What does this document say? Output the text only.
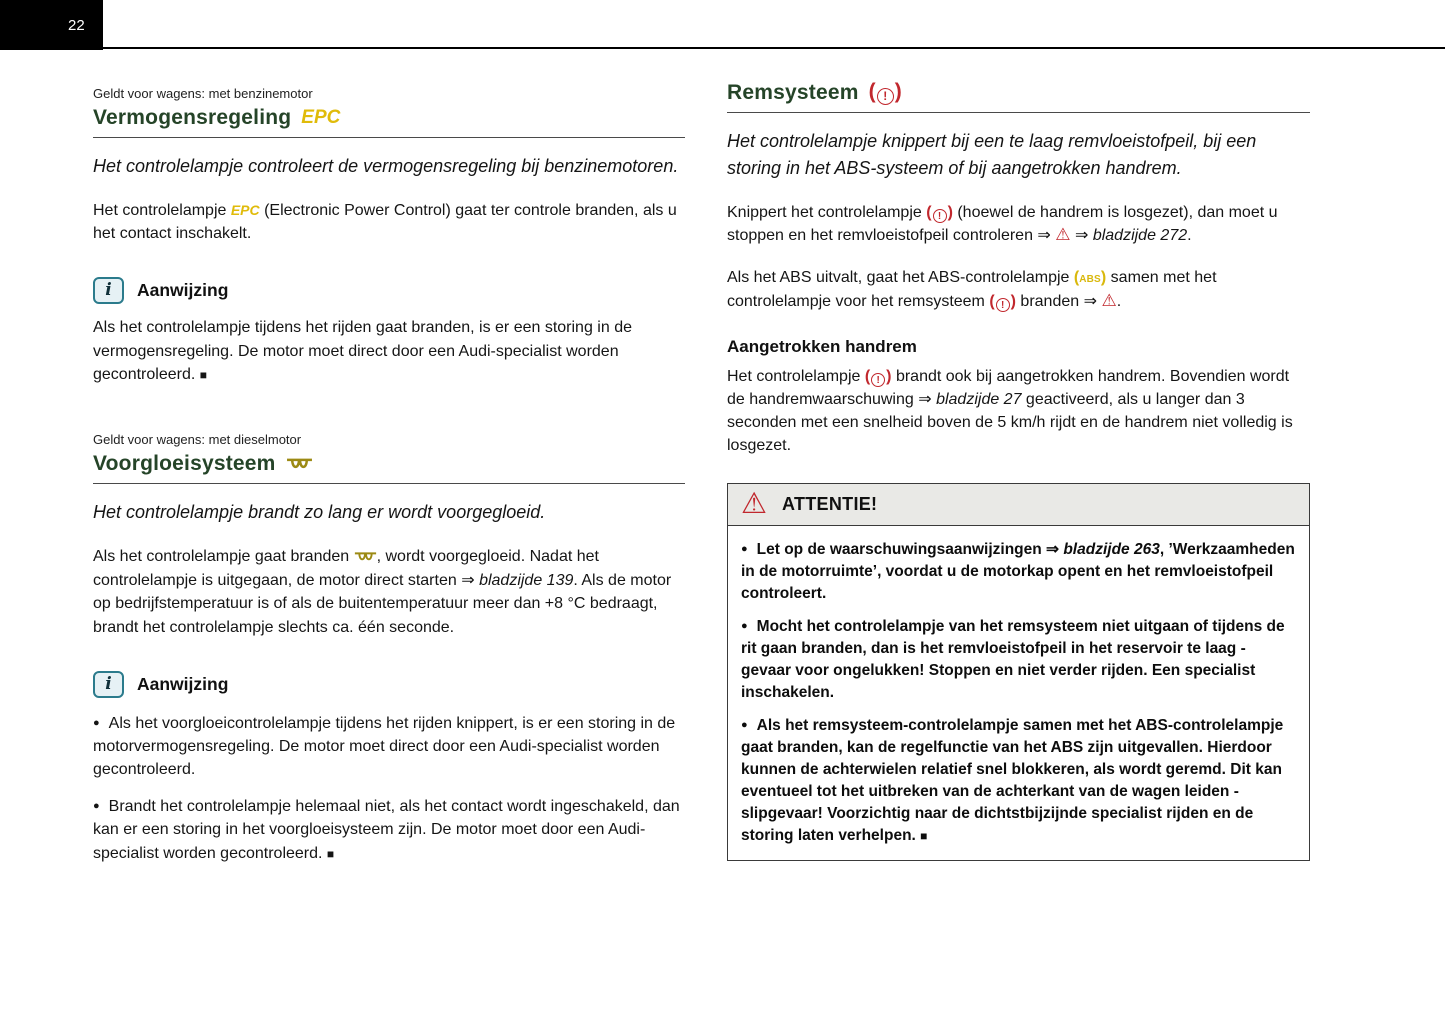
22
Geldt voor wagens: met benzinemotor
Vermogensregeling EPC

Het controlelampje controleert de vermogensregeling bij benzinemotoren.

Het controlelampje EPC (Electronic Power Control) gaat ter controle branden, als u het contact inschakelt.

i Aanwijzing

Als het controlelampje tijdens het rijden gaat branden, is er een storing in de vermogensregeling. De motor moet direct door een Audi-specialist worden gecontroleerd. ■

Geldt voor wagens: met dieselmotor
Voorgloeisysteem

Het controlelampje brandt zo lang er wordt voorgegloeid.

Als het controlelampje gaat branden , wordt voorgegloeid. Nadat het controlelampje is uitgegaan, de motor direct starten ⇒ bladzijde 139. Als de motor op bedrijfstemperatuur is of als de buitentemperatuur meer dan +8 °C bedraagt, brandt het controlelampje slechts ca. één seconde.

i Aanwijzing

● Als het voorgloeicontrolelampje tijdens het rijden knippert, is er een storing in de motorvermogensregeling. De motor moet direct door een Audi-specialist worden gecontroleerd.

● Brandt het controlelampje helemaal niet, als het contact wordt ingeschakeld, dan kan er een storing in het voorgloeisysteem zijn. De motor moet door een Audi-specialist worden gecontroleerd. ■

Remsysteem ( ! )

Het controlelampje knippert bij een te laag remvloeistofpeil, bij een storing in het ABS-systeem of bij aangetrokken handrem.

Knippert het controlelampje ( ! ) (hoewel de handrem is losgezet), dan moet u stoppen en het remvloeistofpeil controleren ⇒ ⚠ ⇒ bladzijde 272.

Als het ABS uitvalt, gaat het ABS-controlelampje (ABS) samen met het controlelampje voor het remsysteem ( ! ) branden ⇒ ⚠.

Aangetrokken handrem

Het controlelampje ( ! ) brandt ook bij aangetrokken handrem. Bovendien wordt de handremwaarschuwing ⇒ bladzijde 27 geactiveerd, als u langer dan 3 seconden met een snelheid boven de 5 km/h rijdt en de handrem niet volledig is losgezet.

⚠ ATTENTIE!

● Let op de waarschuwingsaanwijzingen ⇒ bladzijde 263, ’Werkzaamheden in de motorruimte’, voordat u de motorkap opent en het remvloeistofpeil controleert.

● Mocht het controlelampje van het remsysteem niet uitgaan of tijdens de rit gaan branden, dan is het remvloeistofpeil in het reservoir te laag - gevaar voor ongelukken! Stoppen en niet verder rijden. Een specialist inschakelen.

● Als het remsysteem-controlelampje samen met het ABS-controlelampje gaat branden, kan de regelfunctie van het ABS zijn uitgevallen. Hierdoor kunnen de achterwielen relatief snel blokkeren, als wordt geremd. Dit kan eventueel tot het uitbreken van de achterkant van de wagen leiden - slipgevaar! Voorzichtig naar de dichtstbijzijnde specialist rijden en de storing laten verhelpen. ■
